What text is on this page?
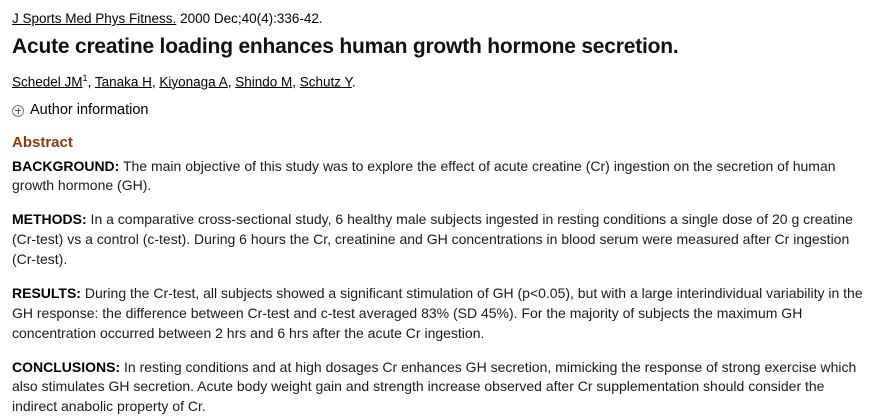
J Sports Med Phys Fitness. 2000 Dec;40(4):336-42.
Acute creatine loading enhances human growth hormone secretion.
Schedel $JM^1$, Tanaka H, Kiyonaga A, Shindo M, Schutz Y.
Author information
Abstract

BACKGROUND: The main objective of this study was to explore the effect of acute creatine (Cr) ingestion on the secretion of human growth hormone (GH).

METHODS: In a comparative cross-sectional study, 6 healthy male subjects ingested in resting conditions a single dose of 20 g creatine (Cr-test) vs a control (c-test). During 6 hours the Cr, creatinine and GH concentrations in blood serum were measured after Cr ingestion (Cr-test).

RESULTS: During the Cr-test, all subjects showed a significant stimulation of GH (p<0.05), but with a large interindividual variability in the GH response: the difference between Cr-test and c-test averaged 83% (SD 45%). For the majority of subjects the maximum GH concentration occurred between 2 hrs and 6 hrs after the acute Cr ingestion.

CONCLUSIONS: In resting conditions and at high dosages Cr enhances GH secretion, mimicking the response of strong exercise which also stimulates GH secretion. Acute body weight gain and strength increase observed after Cr supplementation should consider the indirect anabolic property of Cr.
